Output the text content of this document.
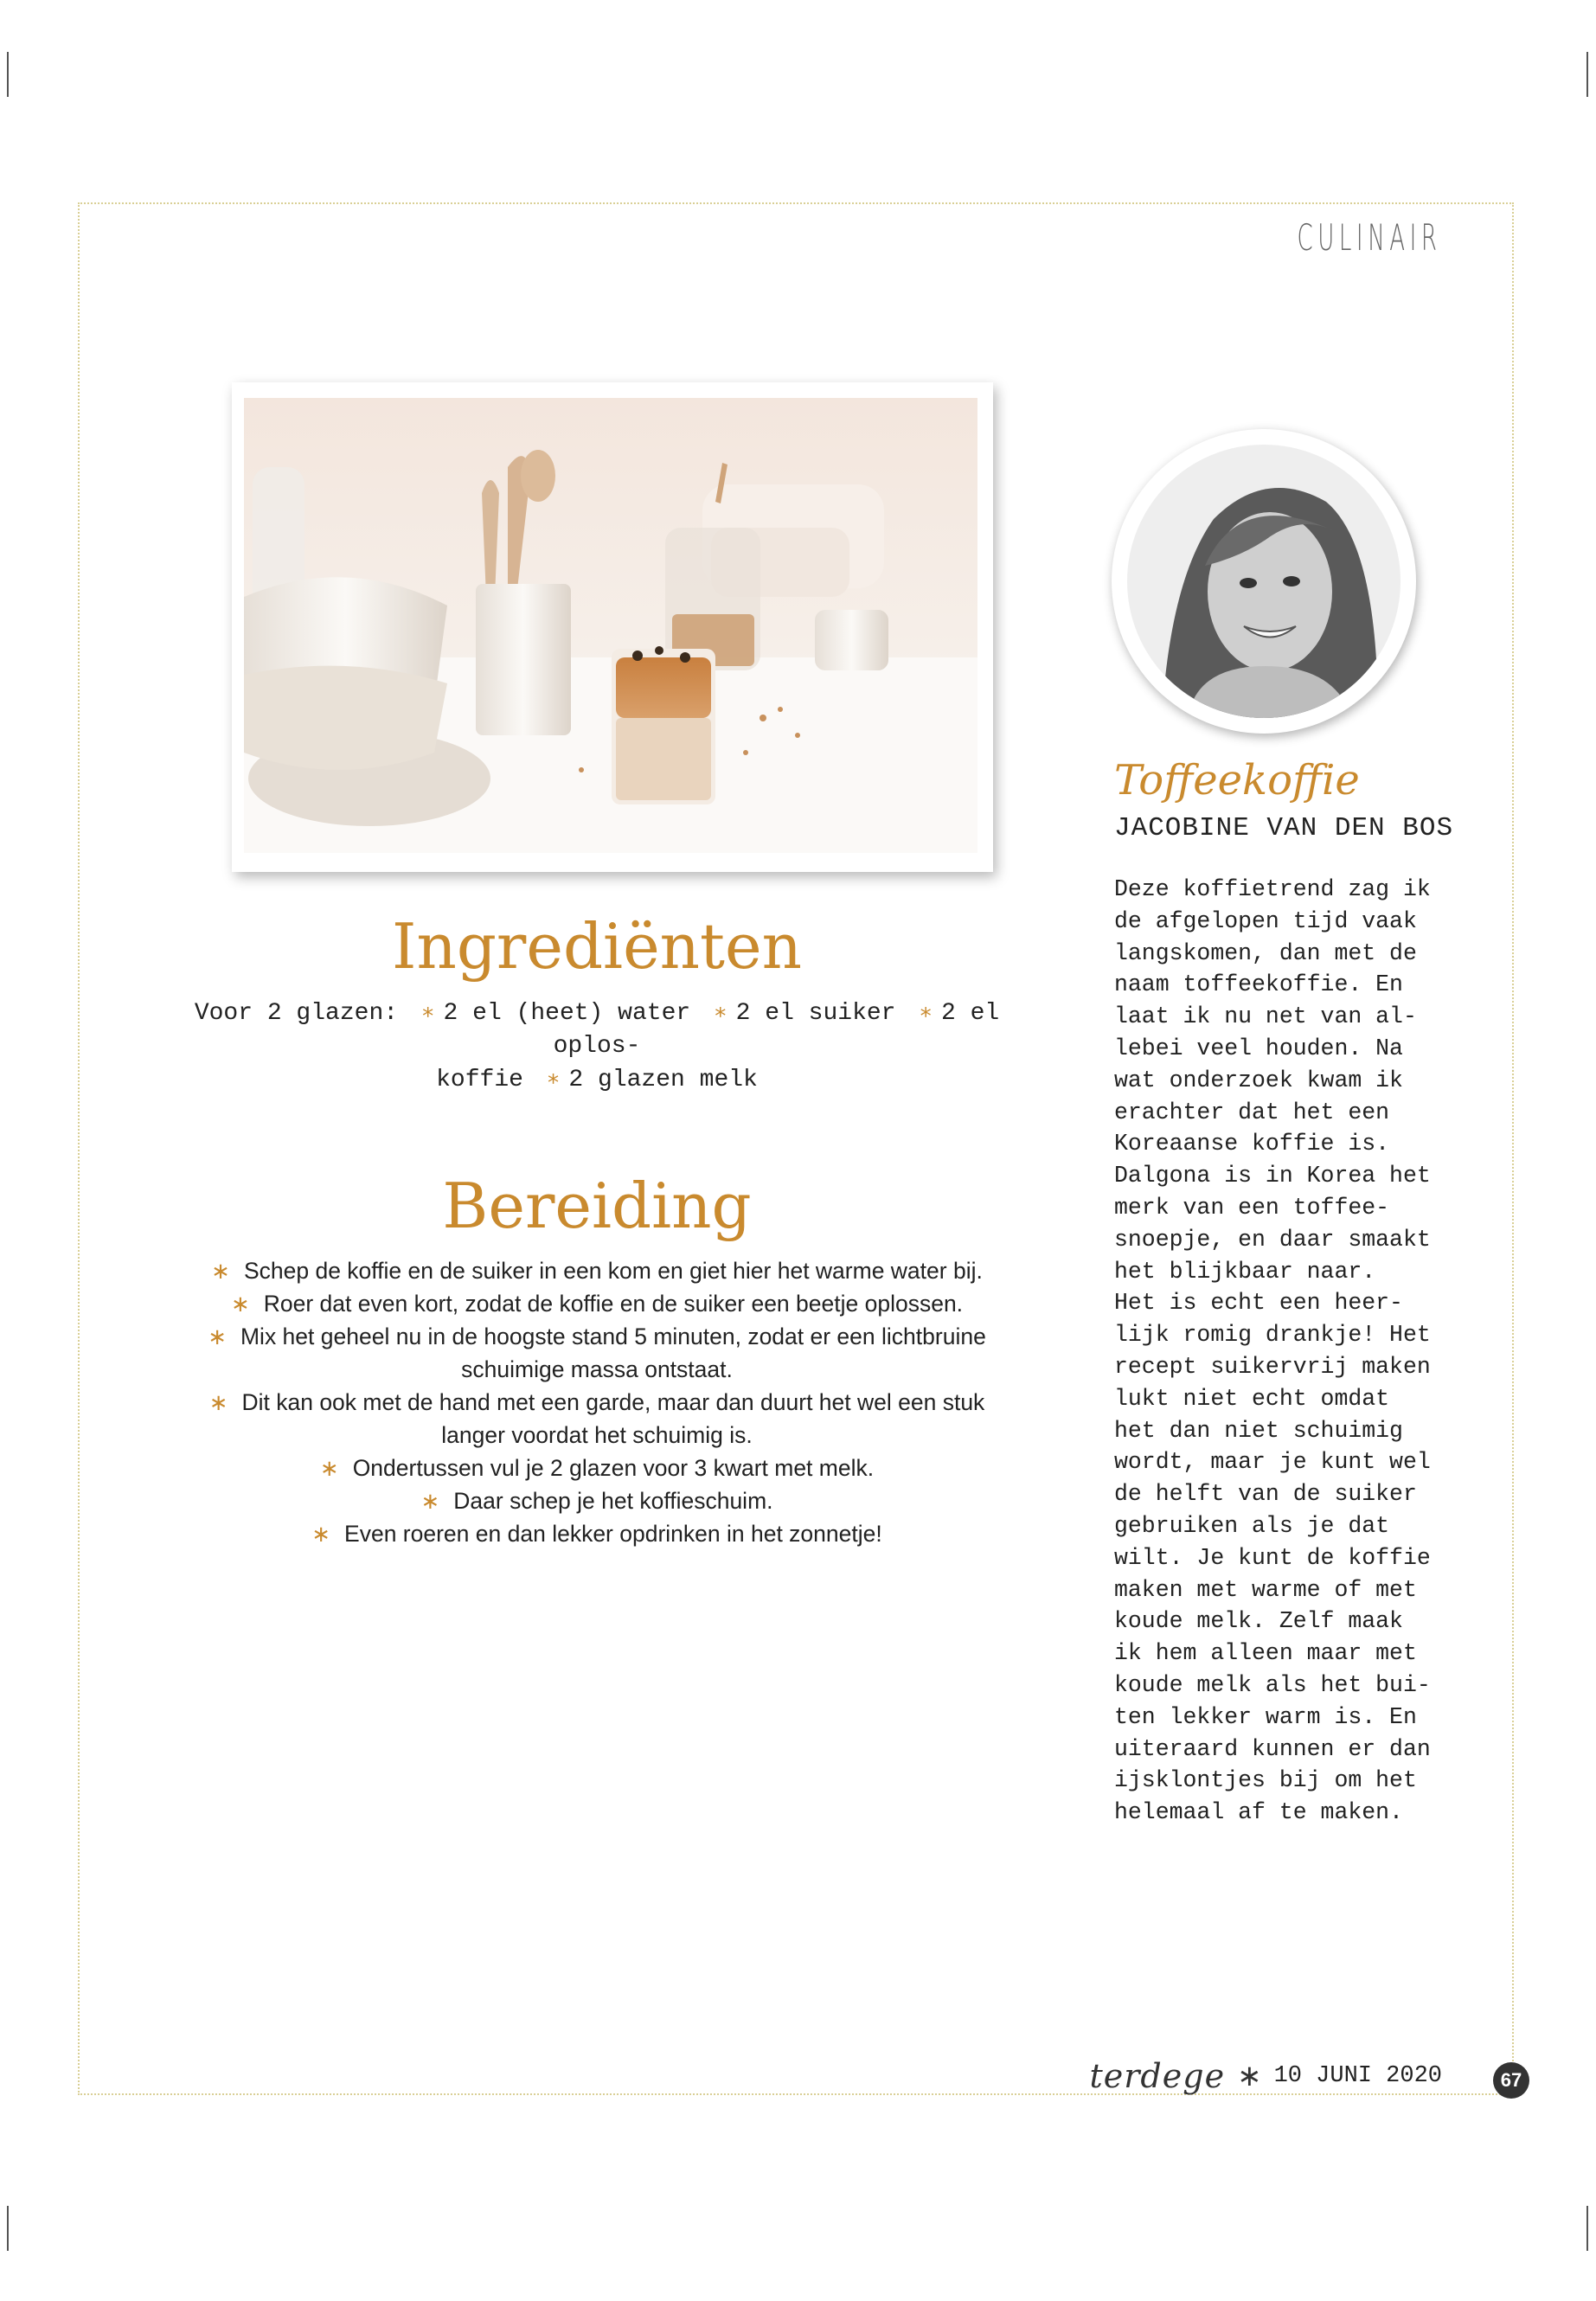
CULINAIR
Ingrediënten
Voor 2 glazen: ∗ 2 el (heet) water ∗ 2 el suiker ∗ 2 el oplos-
koffie ∗ 2 glazen melk
Bereiding
∗ Schep de koffie en de suiker in een kom en giet hier het warme water bij.
∗ Roer dat even kort, zodat de koffie en de suiker een beetje oplossen.
∗ Mix het geheel nu in de hoogste stand 5 minuten, zodat er een lichtbruine
schuimige massa ontstaat.
∗ Dit kan ook met de hand met een garde, maar dan duurt het wel een stuk
langer voordat het schuimig is.
∗ Ondertussen vul je 2 glazen voor 3 kwart met melk.
∗ Daar schep je het koffieschuim.
∗ Even roeren en dan lekker opdrinken in het zonnetje!
Toffeekoffie
JACOBINE VAN DEN BOS
Deze koffietrend zag ik
de afgelopen tijd vaak
langskomen, dan met de
naam toffeekoffie. En
laat ik nu net van al-
lebei veel houden. Na
wat onderzoek kwam ik
erachter dat het een
Koreaanse koffie is.
Dalgona is in Korea het
merk van een toffee-
snoepje, en daar smaakt
het blijkbaar naar.
Het is echt een heer-
lijk romig drankje! Het
recept suikervrij maken
lukt niet echt omdat
het dan niet schuimig
wordt, maar je kunt wel
de helft van de suiker
gebruiken als je dat
wilt. Je kunt de koffie
maken met warme of met
koude melk. Zelf maak
ik hem alleen maar met
koude melk als het bui-
ten lekker warm is. En
uiteraard kunnen er dan
ijsklontjes bij om het
helemaal af te maken.
terdege ∗ 10 JUNI 2020	67
